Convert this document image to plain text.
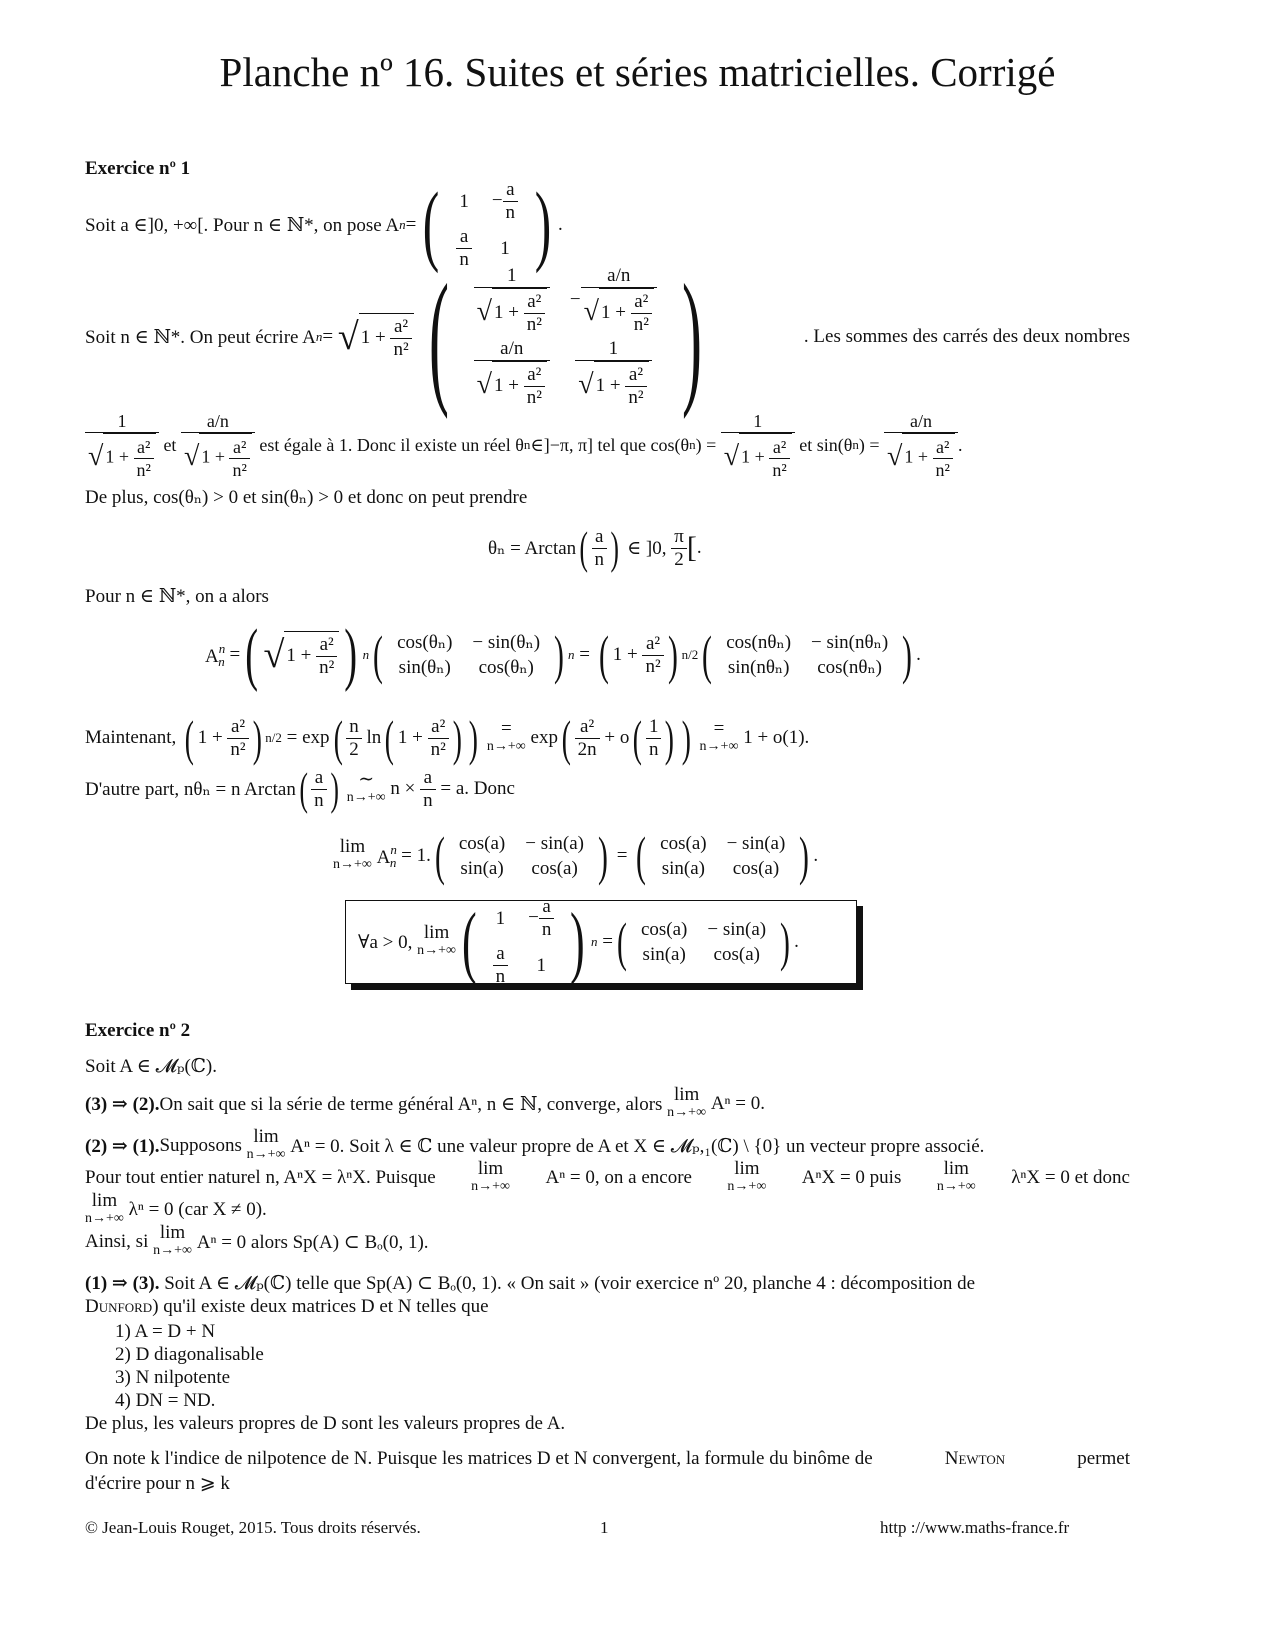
Planche nº 16. Suites et séries matricielles. Corrigé
Exercice nº 1
Soit a ∈]0, +∞[. Pour n ∈ ℕ*, on pose A n = ( 1	− $\frac{a}{n}$

$\frac{a}{n}$	1 ) .
Soit n ∈ ℕ*. On peut écrire A n =
√ $1 + \frac{\text{a²}}{\text{n²}}$ ( $\frac{1}{√ 1 + \frac{\text{a²}}{\text{n²}}}$	− $\frac{a/n}{√ 1 + \frac{\text{a²}}{\text{n²}}}$

$\frac{a/n}{√ 1 + \frac{\text{a²}}{\text{n²}}}$	$\frac{1}{√ 1 + \frac{\text{a²}}{\text{n²}}}$ )	. Les sommes des carrés des deux nombres
$\frac{1}{√ 1 + \frac{\text{a²}}{\text{n²}}}$
et
$\frac{a/n}{√ 1 + \frac{\text{a²}}{\text{n²}}}$
est égale à 1. Donc il existe un réel θ n ∈]−π, π] tel que cos(θ n ) =
$\frac{1}{√ 1 + \frac{\text{a²}}{\text{n²}}}$
et sin(θ n ) =
$\frac{a/n}{√ 1 + \frac{\text{a²}}{\text{n²}}}$ .
De plus, cos(θₙ) > 0 et sin(θₙ) > 0 et donc on peut prendre
θₙ = Arctan ( $\frac{a}{n}$ )
∈ ]0,
$\frac{\pi}{2}$ [ .
Pour n ∈ ℕ*, on a alors
$A^n_n$
= ( √ $1 + \frac{\text{a²}}{\text{n²}}$ ) n ( cos(θₙ)	− sin(θₙ)
sin(θₙ)	cos(θₙ) ) n
=
( 1 +
$\frac{\text{a²}}{\text{n²}}$ ) n/2 ( cos(nθₙ)	− sin(nθₙ)
sin(nθₙ)	cos(nθₙ) ) .
Maintenant,
( 1 +
$\frac{\text{a²}}{\text{n²}}$ ) n/2
= exp ( $\frac{n}{2}$
ln ( 1 +
$\frac{\text{a²}}{\text{n²}}$ ) )
	=
n→+∞
exp ( $\frac{\text{a²}}{2n}$
+ o ( $\frac{1}{n}$ ) )
	=
n→+∞
1 + o(1).
D'autre part, nθₙ = n Arctan ( $\frac{a}{n}$ )
	∼
n→+∞
n ×
$\frac{a}{n}$
= a. Donc
lim
n→+∞
$A^n_n$
= 1. ( cos(a)	− sin(a)
sin(a)	cos(a) )
=
( cos(a)	− sin(a)
sin(a)	cos(a) ) .
∀a > 0,
lim
n→+∞ ( 1	− $\frac{a}{n}$

$\frac{a}{n}$	1 ) n
= ( cos(a)	− sin(a)
sin(a)	cos(a) ) .
Exercice nº 2
Soit A ∈ 𝓜ₚ(ℂ).
(3) ⇒ (2). On sait que si la série de terme général Aⁿ, n ∈ ℕ, converge, alors
lim
n→+∞
Aⁿ = 0.
(2) ⇒ (1). Supposons
lim
n→+∞
Aⁿ = 0. Soit λ ∈ ℂ une valeur propre de A et X ∈ 𝓜ₚ,₁(ℂ) \ {0} un vecteur propre associé.
Pour tout entier naturel n, AⁿX = λⁿX. Puisque	lim
n→+∞ Aⁿ = 0, on a encore	lim
n→+∞ AⁿX = 0 puis	lim
n→+∞ λⁿX = 0 et donc
lim
n→+∞
λⁿ = 0 (car X ≠ 0).
Ainsi, si
lim
n→+∞
Aⁿ = 0 alors Sp(A) ⊂ Bₒ(0, 1).
(1) ⇒ (3). Soit A ∈ 𝓜ₚ(ℂ) telle que Sp(A) ⊂ Bₒ(0, 1). « On sait » (voir exercice nº 20, planche 4 : décomposition de
Dunford) qu'il existe deux matrices D et N telles que
1) A = D + N
2) D diagonalisable
3) N nilpotente
4) DN = ND.
De plus, les valeurs propres de D sont les valeurs propres de A.
On note k l'indice de nilpotence de N. Puisque les matrices D et N convergent, la formule du binôme de	Newton	permet
d'écrire pour n ⩾ k
© Jean-Louis Rouget, 2015. Tous droits réservés.	1	http ://www.maths-france.fr
